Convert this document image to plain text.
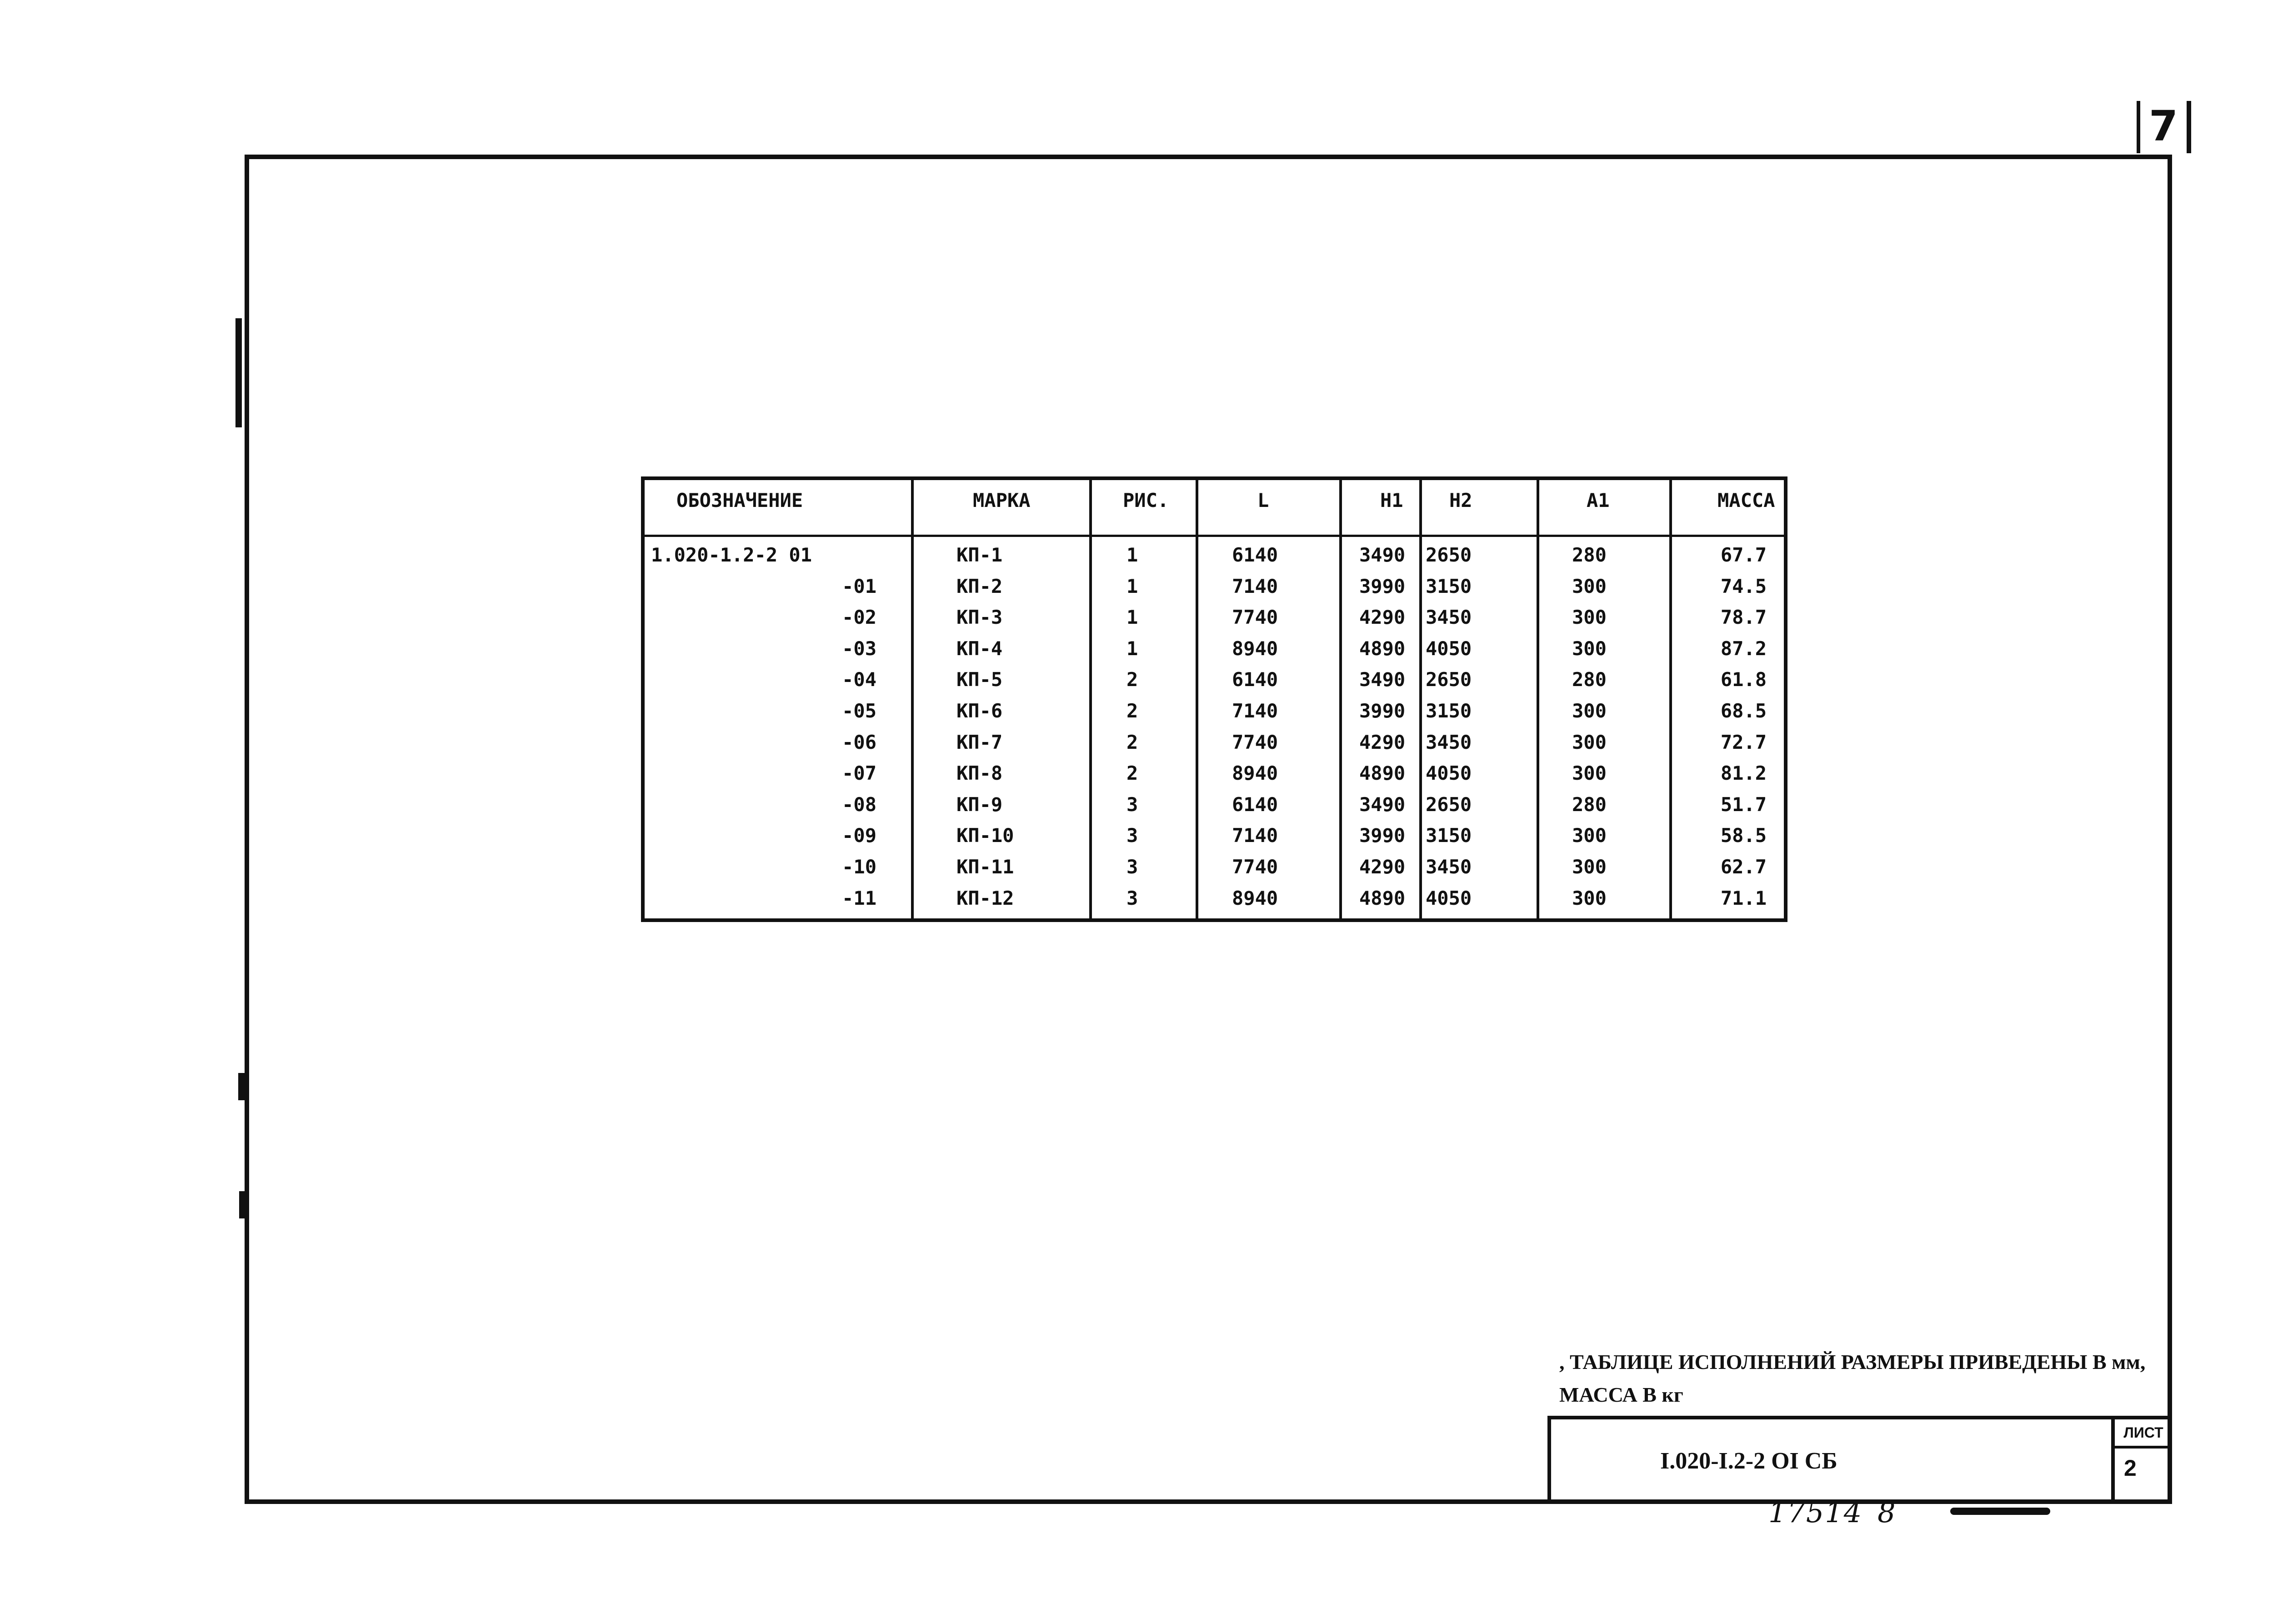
7
ОБОЗНАЧЕНИЕ	МАРКА	РИС.	L	H1 H2	A1	МАССА
1.020-1.2-2 01	КП-1	1	6140	3490 2650	280	67.7
-01	КП-2	1	7140	3990 3150	300	74.5
-02	КП-3	1	7740	4290 3450	300	78.7
-03	КП-4	1	8940	4890 4050	300	87.2
-04	КП-5	2	6140	3490 2650	280	61.8
-05	КП-6	2	7140	3990 3150	300	68.5
-06	КП-7	2	7740	4290 3450	300	72.7
-07	КП-8	2	8940	4890 4050	300	81.2
-08	КП-9	3	6140	3490 2650	280	51.7
-09	КП-10	3	7140	3990 3150	300	58.5
-10	КП-11	3	7740	4290 3450	300	62.7
-11	КП-12	3	8940	4890 4050	300	71.1
, ТАБЛИЦЕ ИСПОЛНЕНИЙ РАЗМЕРЫ ПРИВЕДЕНЫ В мм,
МАССА В кг
I.020-I.2-2 OI СБ
ЛИСТ
2
17514 8
